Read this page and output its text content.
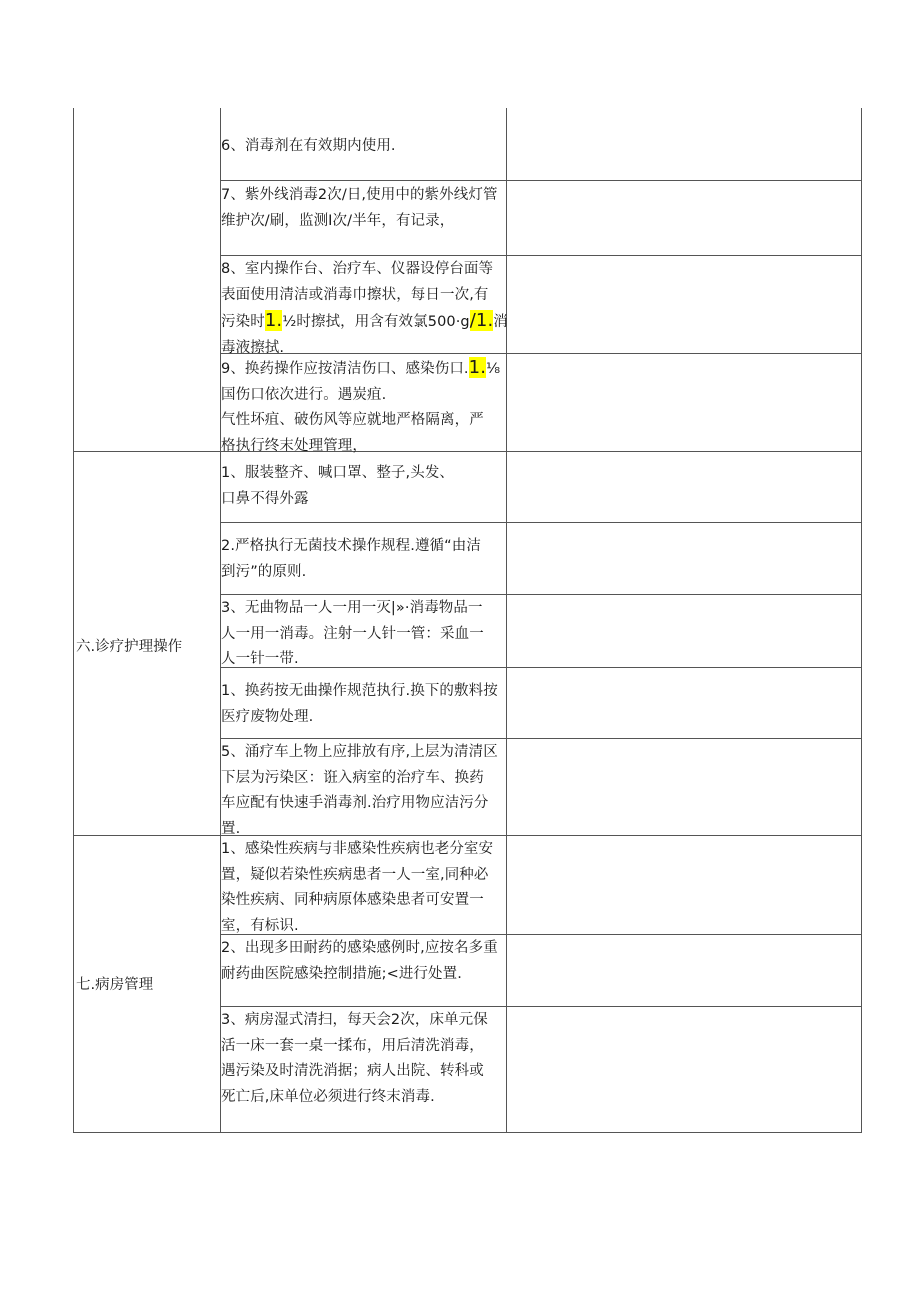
六.诊疗护理操作
七.病房管理
6、消毒剂在有效期内使用.
7、紫外线消毒2次/日,使用中的紫外线灯管
维护次/刷，监测I次/半年，有记录，
8、室内操作台、治疗车、仪器设停台面等
表面使用清洁或消毒巾擦状，每日一次,有
污染时1.½时擦拭，用含有效氯500·g/1.消
毒液擦拭.
9、换药操作应按清洁伤口、感染伤口.1.⅛
国伤口依次进行。遇炭疽.
气性坏疽、破伤风等应就地严格隔离，严
格执行终末处理管理，
1、服装整齐、喊口罩、整子,头发、
口鼻不得外露
2.严格执行无菌技术操作规程.遵循“由洁
到污”的原则.
3、无曲物品一人一用一灭|»·消毒物品一
人一用一消毒。注射一人针一管：采血一
人一针一带.
1、换药按无曲操作规范执行.换下的敷料按
医疗废物处理.
5、涌疗车上物上应排放有序,上层为清清区
下层为污染区：诳入病室的治疗车、换药
车应配有快速手消毒剂.治疗用物应洁污分
置.
1、感染性疾病与非感染性疾病也老分室安
置，疑似若染性疾病患者一人一室,同种必
染性疾病、同种病原体感染患者可安置一
室，有标识.
2、出现多田耐药的感染感例时,应按名多重
耐药曲医院感染控制措施;<进行处置.
3、病房湿式清扫，每天会2次，床单元保
活一床一套一桌一揉布，用后清洗消毒，
遇污染及时清洗消据；病人出院、转科或
死亡后,床单位必须进行终末消毒.
